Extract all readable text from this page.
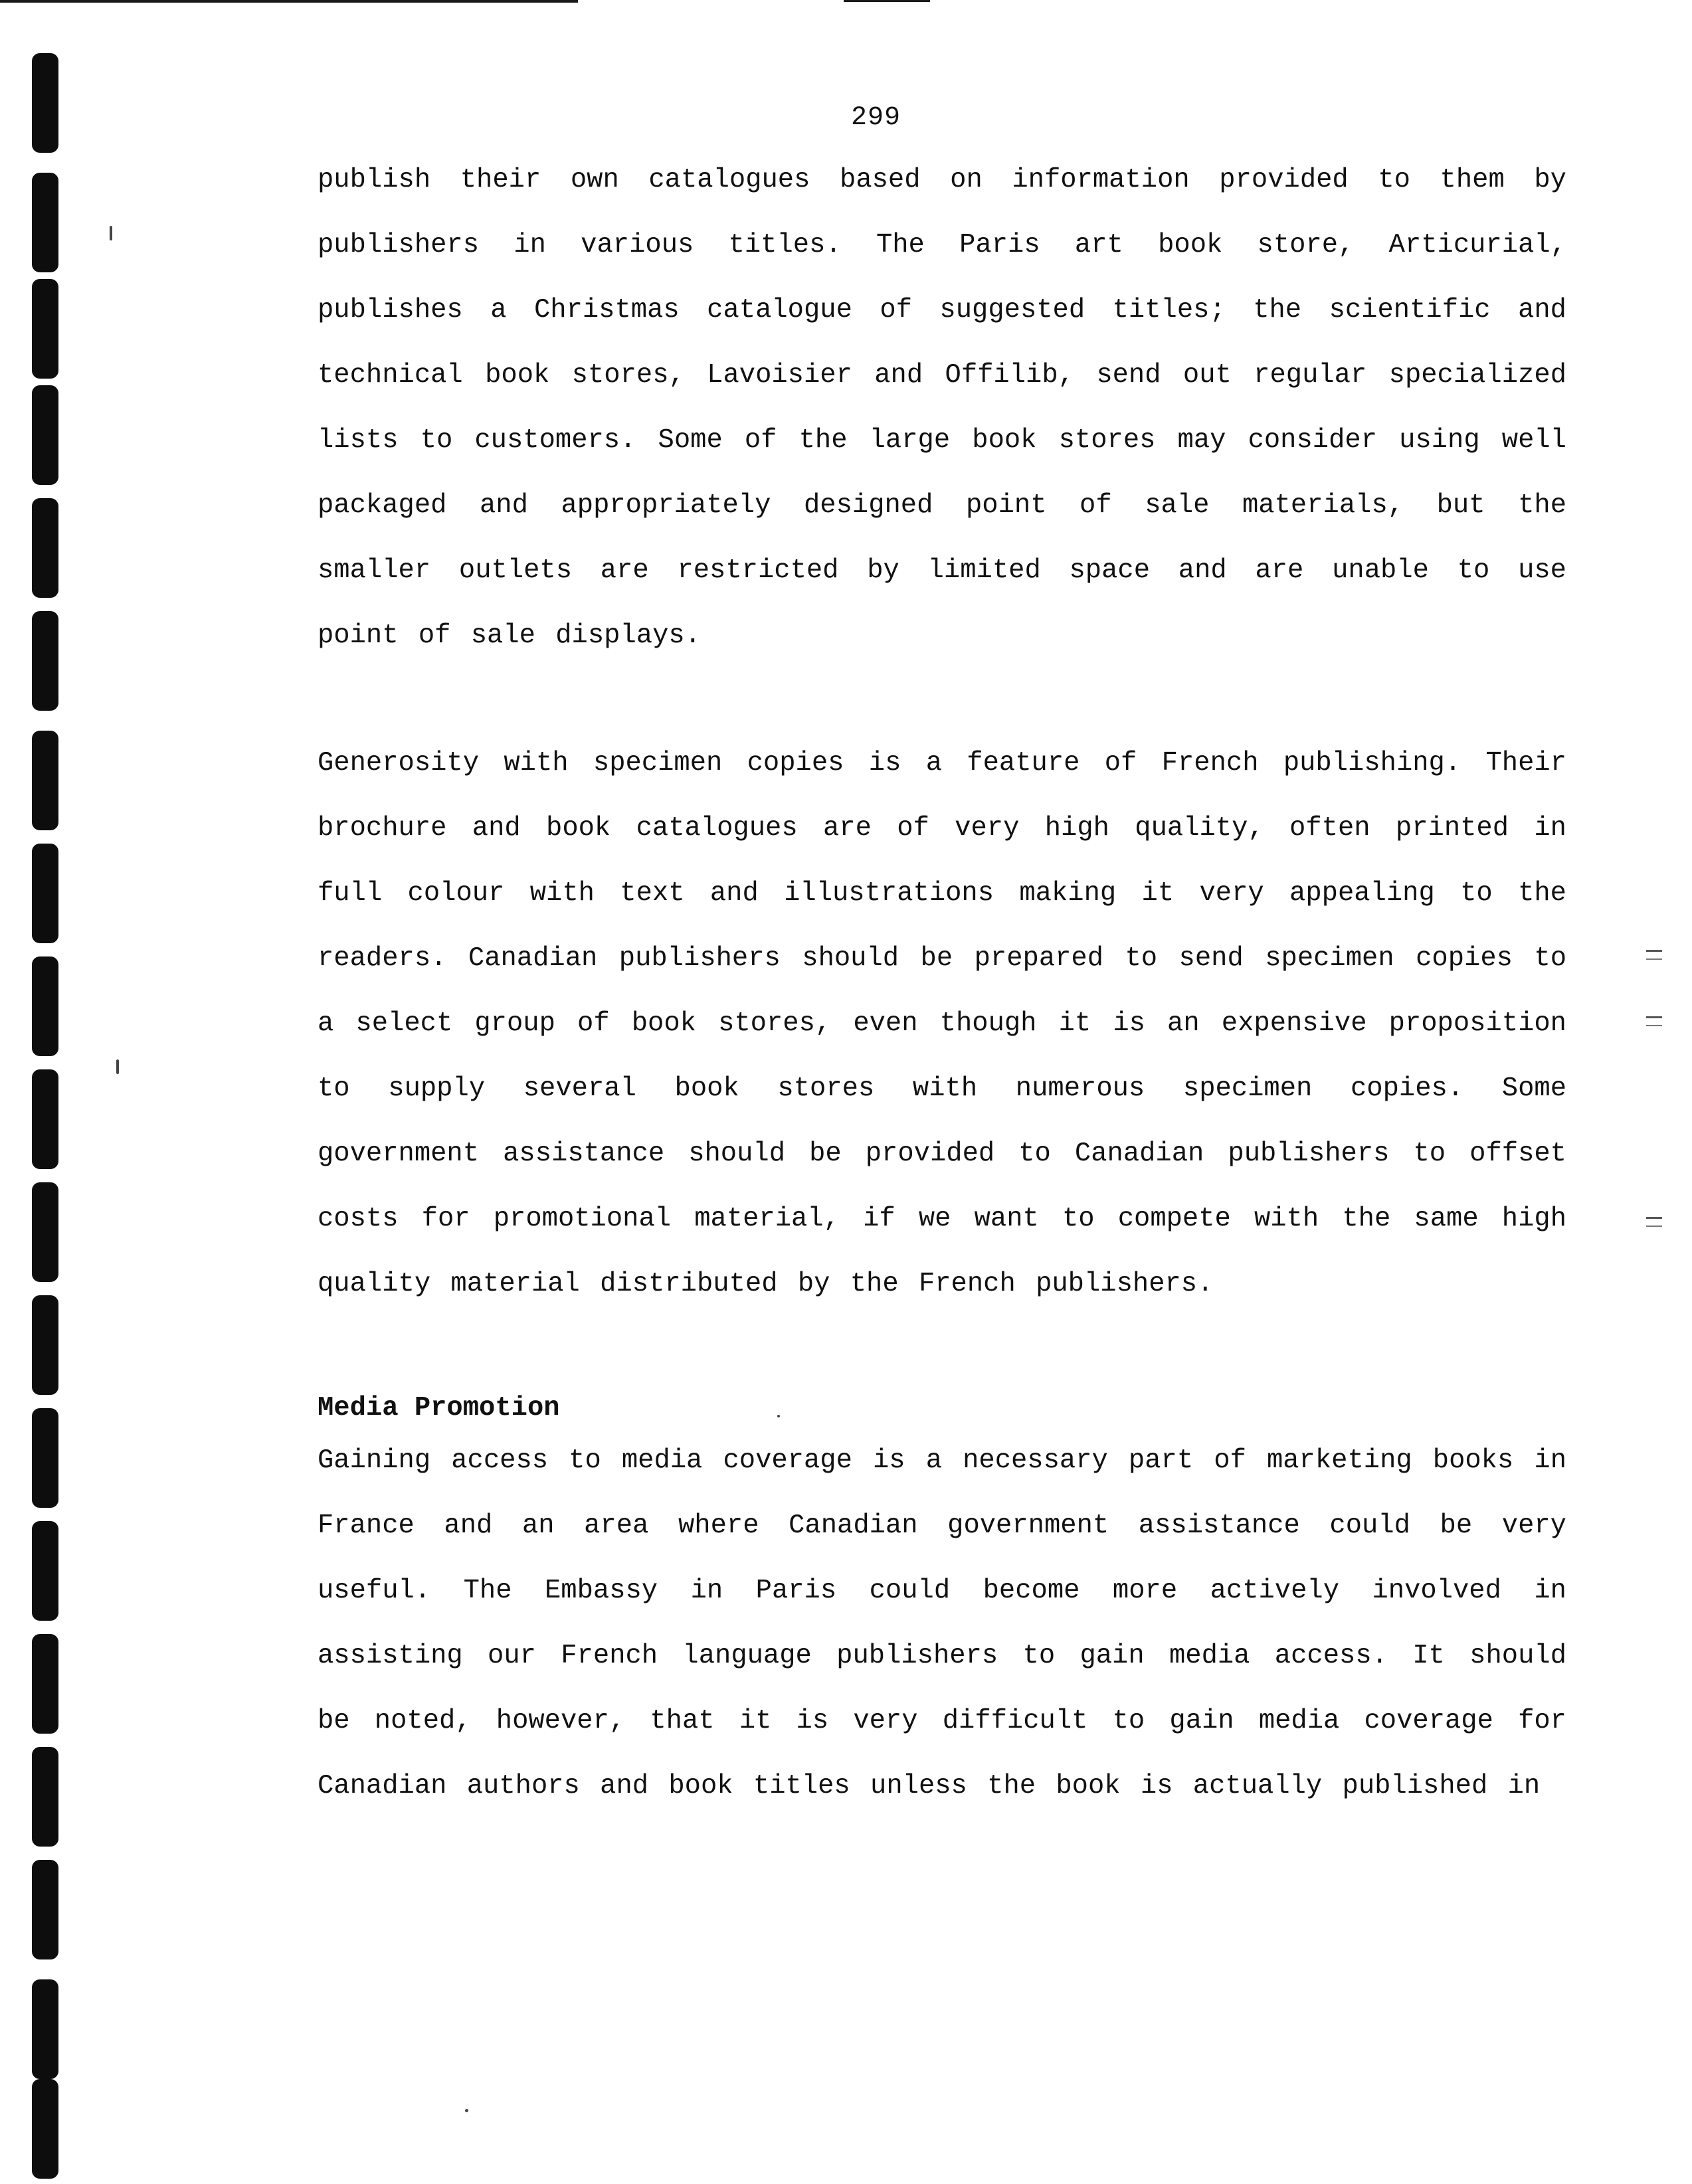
299

publish their own catalogues based on information provided to them by publishers in various titles. The Paris art book store, Articurial, publishes a Christmas catalogue of suggested titles; the scientific and technical book stores, Lavoisier and Offilib, send out regular specialized lists to customers. Some of the large book stores may consider using well packaged and appropriately designed point of sale materials, but the smaller outlets are restricted by limited space and are unable to use point of sale displays.

Generosity with specimen copies is a feature of French publishing. Their brochure and book catalogues are of very high quality, often printed in full colour with text and illustrations making it very appealing to the readers. Canadian publishers should be prepared to send specimen copies to a select group of book stores, even though it is an expensive proposition to supply several book stores with numerous specimen copies. Some government assistance should be provided to Canadian publishers to offset costs for promotional material, if we want to compete with the same high quality material distributed by the French publishers.

Media Promotion

Gaining access to media coverage is a necessary part of marketing books in France and an area where Canadian government assistance could be very useful. The Embassy in Paris could become more actively involved in assisting our French language publishers to gain media access. It should be noted, however, that it is very difficult to gain media coverage for Canadian authors and book titles unless the book is actually published in
